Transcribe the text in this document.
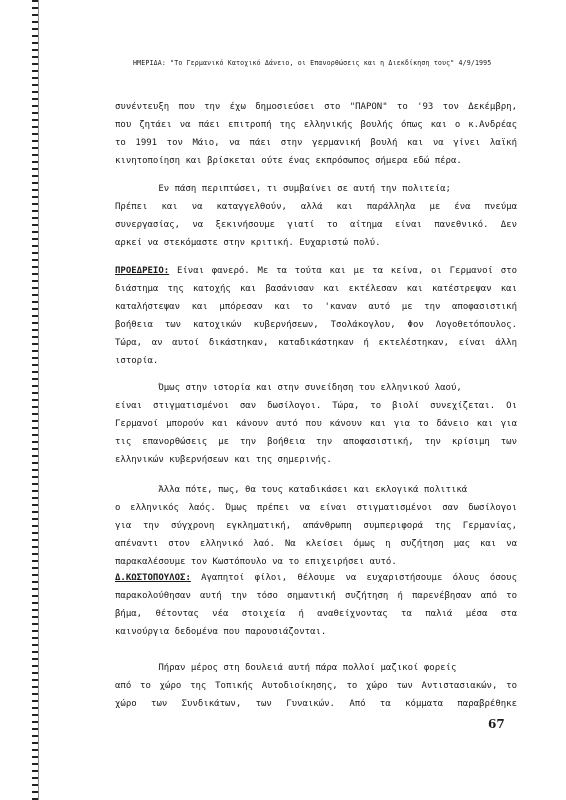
ΗΜΕΡΙΔΑ: "Το Γερμανικό Κατοχικό Δάνειο, οι Επανορθώσεις και η Διεκδίκηση τους" 4/9/1995
συνέντευξη που την έχω δημοσιεύσει στο "ΠΑΡΟΝ" το '93 τον Δεκέμβρη,
που ζητάει να πάει επιτροπή της ελληνικής βουλής όπως και ο κ.Ανδρέας
το 1991 τον Μάιο, να πάει στην γερμανική βουλή και να γίνει λαϊκή
κινητοποίηση και βρίσκεται ούτε ένας εκπρόσωπος σήμερα εδώ πέρα.
Εν πάση περιπτώσει, τι συμβαίνει σε αυτή την πολιτεία;
Πρέπει και να καταγγελθούν, αλλά και παράλληλα με ένα πνεύμα
συνεργασίας, να ξεκινήσουμε γιατί το αίτημα είναι πανεθνικό. Δεν
αρκεί να στεκόμαστε στην κριτική. Ευχαριστώ πολύ.
ΠΡΟΕΔΡΕΙΟ: Είναι φανερό. Με τα τούτα και με τα κείνα, οι Γερμανοί στο
διάστημα της κατοχής και βασάνισαν και εκτέλεσαν και κατέστρεψαν και
καταλήστεψαν και μπόρεσαν και το 'καναν αυτό με την αποφασιστική
βοήθεια των κατοχικών κυβερνήσεων, Τσολάκογλου, Φον Λογοθετόπουλος.
Τώρα, αν αυτοί δικάστηκαν, καταδικάστηκαν ή εκτελέστηκαν, είναι άλλη
ιστορία.
Όμως στην ιστορία και στην συνείδηση του ελληνικού λαού,
είναι στιγματισμένοι σαν δωσίλογοι. Τώρα, το βιολί συνεχίζεται. Οι
Γερμανοί μπορούν και κάνουν αυτό που κάνουν και για το δάνειο και για
τις επανορθώσεις με την βοήθεια την αποφασιστική, την κρίσιμη των
ελληνικών κυβερνήσεων και της σημερινής.
Άλλα πότε, πως, θα τους καταδικάσει και εκλογικά πολιτικά
ο ελληνικός λαός. Όμως πρέπει να είναι στιγματισμένοι σαν δωσίλογοι
για την σύγχρονη εγκληματική, απάνθρωπη συμπεριφορά της Γερμανίας,
απέναντι στον ελληνικό λαό. Να κλείσει όμως η συζήτηση μας και να
παρακαλέσουμε τον Κωστόπουλο να το επιχειρήσει αυτό.
Δ.ΚΩΣΤΟΠΟΥΛΟΣ: Αγαπητοί φίλοι, θέλουμε να ευχαριστήσουμε όλους όσους
παρακολούθησαν αυτή την τόσο σημαντική συζήτηση ή παρενέβησαν από το
βήμα, θέτοντας νέα στοιχεία ή αναθείχνοντας τα παλιά μέσα στα
καινούργια δεδομένα που παρουσιάζονται.
Πήραν μέρος στη δουλειά αυτή πάρα πολλοί μαζικοί φορείς
από το χώρο της Τοπικής Αυτοδιοίκησης, το χώρο των Αντιστασιακών, το
χώρο των Συνδικάτων, των Γυναικών. Από τα κόμματα παραβρέθηκε
67
